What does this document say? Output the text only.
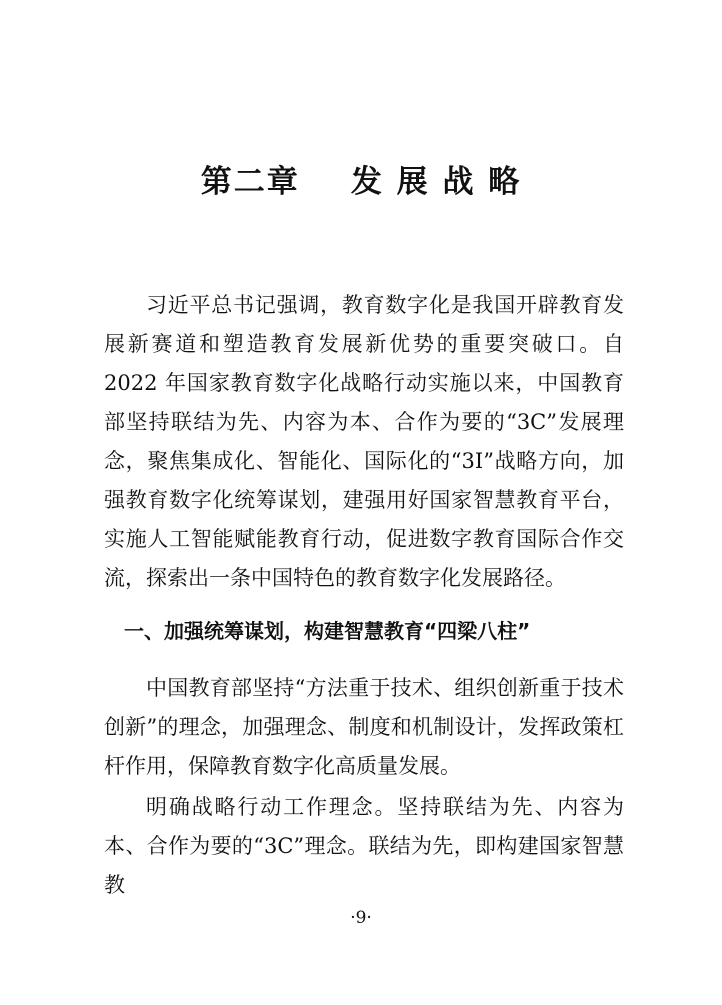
第二章    发 展 战 略

习近平总书记强调，教育数字化是我国开辟教育发展新赛道和塑造教育发展新优势的重要突破口。自 2022 年国家教育数字化战略行动实施以来，中国教育部坚持联结为先、内容为本、合作为要的“3C”发展理念，聚焦集成化、智能化、国际化的“3I”战略方向，加强教育数字化统筹谋划，建强用好国家智慧教育平台，实施人工智能赋能教育行动，促进数字教育国际合作交流，探索出一条中国特色的教育数字化发展路径。

一、加强统筹谋划，构建智慧教育“四梁八柱”

中国教育部坚持“方法重于技术、组织创新重于技术创新”的理念，加强理念、制度和机制设计，发挥政策杠杆作用，保障教育数字化高质量发展。

明确战略行动工作理念。坚持联结为先、内容为本、合作为要的“3C”理念。联结为先，即构建国家智慧教

·9·
